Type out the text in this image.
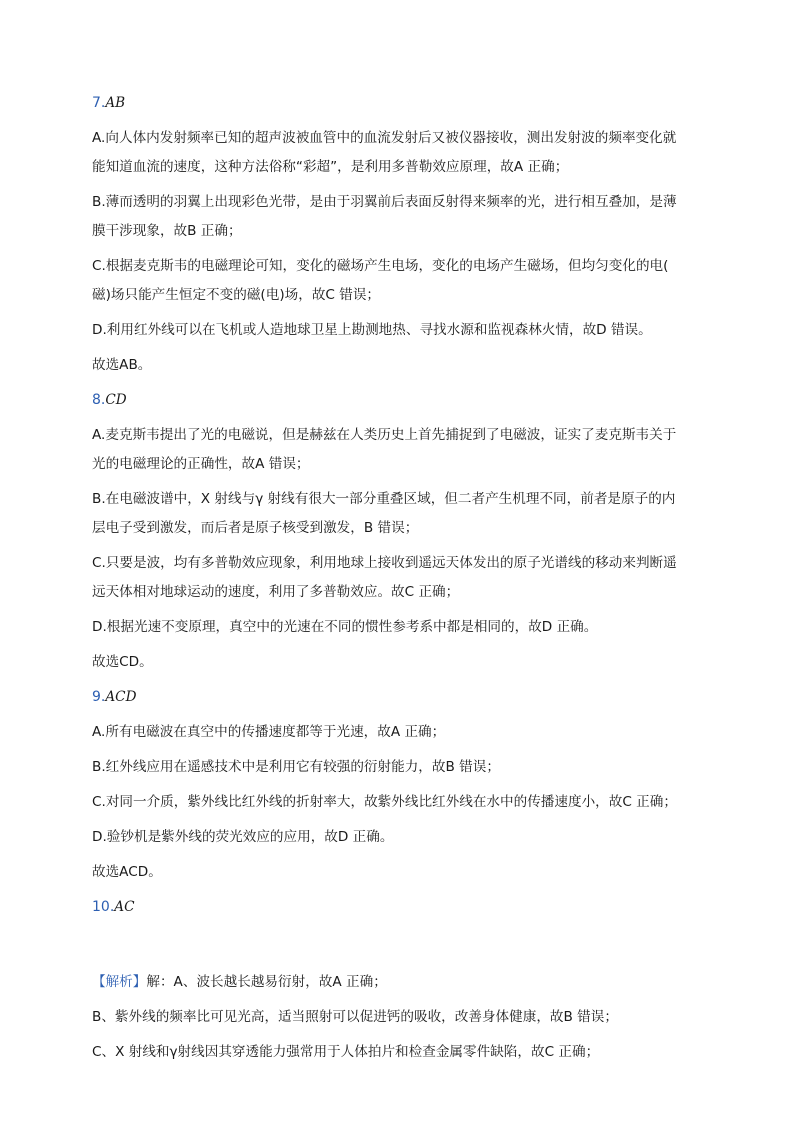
7.AB
A.向人体内发射频率已知的超声波被血管中的血流发射后又被仪器接收，测出发射波的频率变化就
能知道血流的速度，这种方法俗称“彩超”，是利用多普勒效应原理，故A 正确；
B.薄而透明的羽翼上出现彩色光带，是由于羽翼前后表面反射得来频率的光，进行相互叠加，是薄
膜干涉现象，故B 正确；
C.根据麦克斯韦的电磁理论可知，变化的磁场产生电场，变化的电场产生磁场，但均匀变化的电(
磁)场只能产生恒定不变的磁(电)场，故C 错误；
D.利用红外线可以在飞机或人造地球卫星上勘测地热、寻找水源和监视森林火情，故D 错误。
故选AB。
8.CD
A.麦克斯韦提出了光的电磁说，但是赫兹在人类历史上首先捕捉到了电磁波，证实了麦克斯韦关于
光的电磁理论的正确性，故A 错误；
B.在电磁波谱中，X 射线与γ 射线有很大一部分重叠区域，但二者产生机理不同，前者是原子的内
层电子受到激发，而后者是原子核受到激发，B 错误；
C.只要是波，均有多普勒效应现象，利用地球上接收到遥远天体发出的原子光谱线的移动来判断遥
远天体相对地球运动的速度，利用了多普勒效应。故C 正确；
D.根据光速不变原理，真空中的光速在不同的惯性参考系中都是相同的，故D 正确。
故选CD。
9.ACD
A.所有电磁波在真空中的传播速度都等于光速，故A 正确；
B.红外线应用在遥感技术中是利用它有较强的衍射能力，故B 错误；
C.对同一介质，紫外线比红外线的折射率大，故紫外线比红外线在水中的传播速度小，故C 正确；
D.验钞机是紫外线的荧光效应的应用，故D 正确。
故选ACD。
10.AC
【解析】解：A、波长越长越易衍射，故A 正确；
B、紫外线的频率比可见光高，适当照射可以促进钙的吸收，改善身体健康，故B 错误；
C、X 射线和γ射线因其穿透能力强常用于人体拍片和检查金属零件缺陷，故C 正确；
